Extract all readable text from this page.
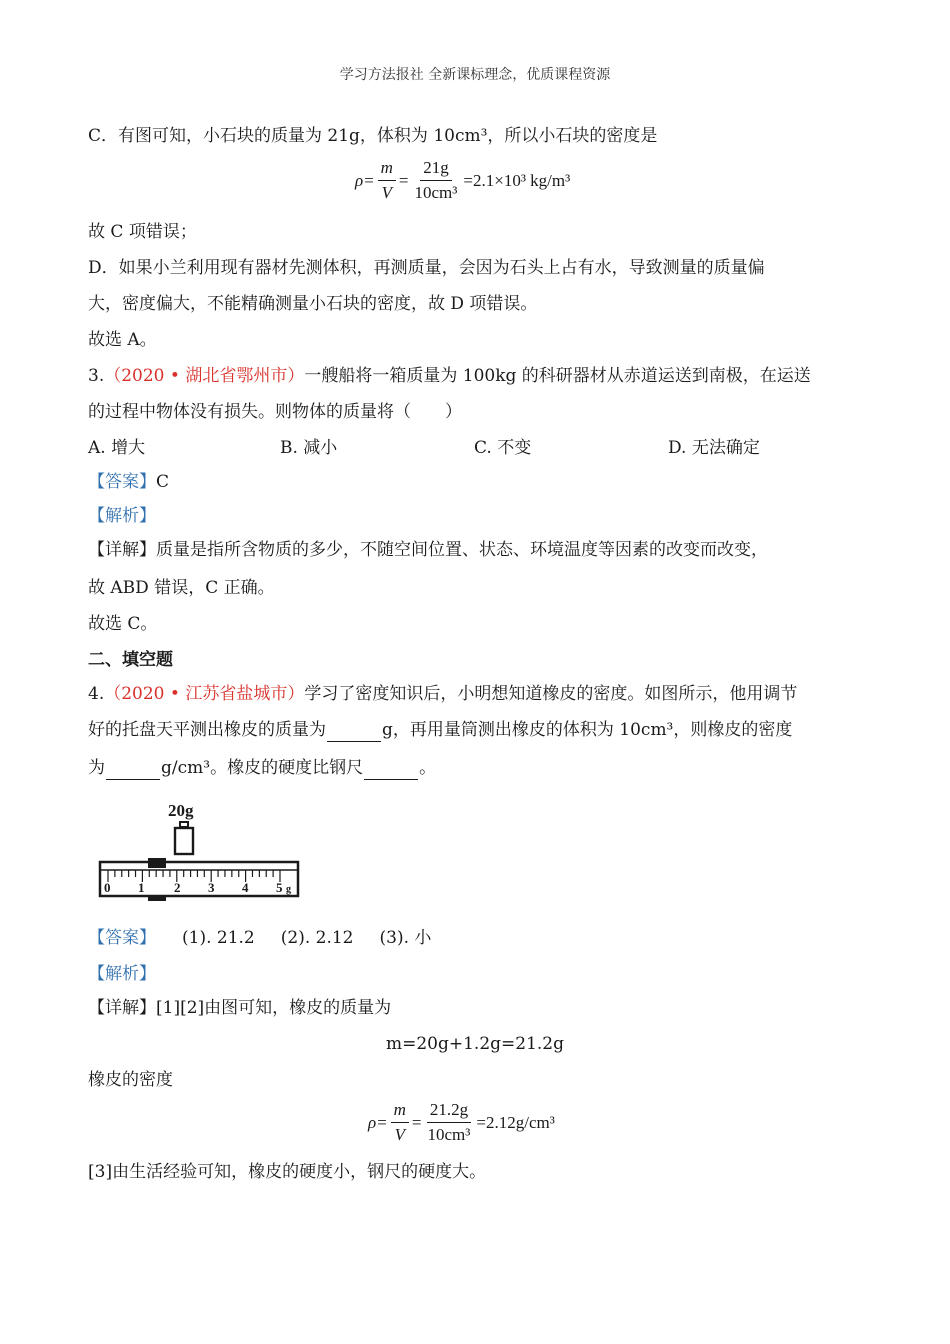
学习方法报社 全新课标理念，优质课程资源
C．有图可知，小石块的质量为 21g，体积为 10cm³，所以小石块的密度是
$\rho= \frac{m}{V} = \frac{21g}{\text{10cm³}} =2.1\times 10^3$ kg/m³
故 C 项错误；
D．如果小兰利用现有器材先测体积，再测质量，会因为石头上占有水，导致测量的质量偏
大，密度偏大，不能精确测量小石块的密度，故 D 项错误。
故选 A。
3.（2020 • 湖北省鄂州市）一艘船将一箱质量为 100kg 的科研器材从赤道运送到南极，在运送
的过程中物体没有损失。则物体的质量将（　　）
A. 增大	B. 减小	C. 不变	D. 无法确定
【答案】C
【解析】
【详解】质量是指所含物质的多少，不随空间位置、状态、环境温度等因素的改变而改变，
故 ABD 错误，C 正确。
故选 C。
二、填空题
4.（2020 • 江苏省盐城市）学习了密度知识后，小明想知道橡皮的密度。如图所示，他用调节
好的托盘天平测出橡皮的质量为	g，再用量筒测出橡皮的体积为 10cm³，则橡皮的密度
为	g/cm³。橡皮的硬度比钢尺	。
20g
0 1 2 3 4 5 g
【答案】 (1). 21.2 (2). 2.12 (3). 小
【解析】
【详解】[1][2]由图可知，橡皮的质量为
m=20g+1.2g=21.2g
橡皮的密度
$\rho= \frac{m}{V} = \frac{21.2g}{\text{10cm³}} =2.12g/cm^3$
[3]由生活经验可知，橡皮的硬度小，钢尺的硬度大。
